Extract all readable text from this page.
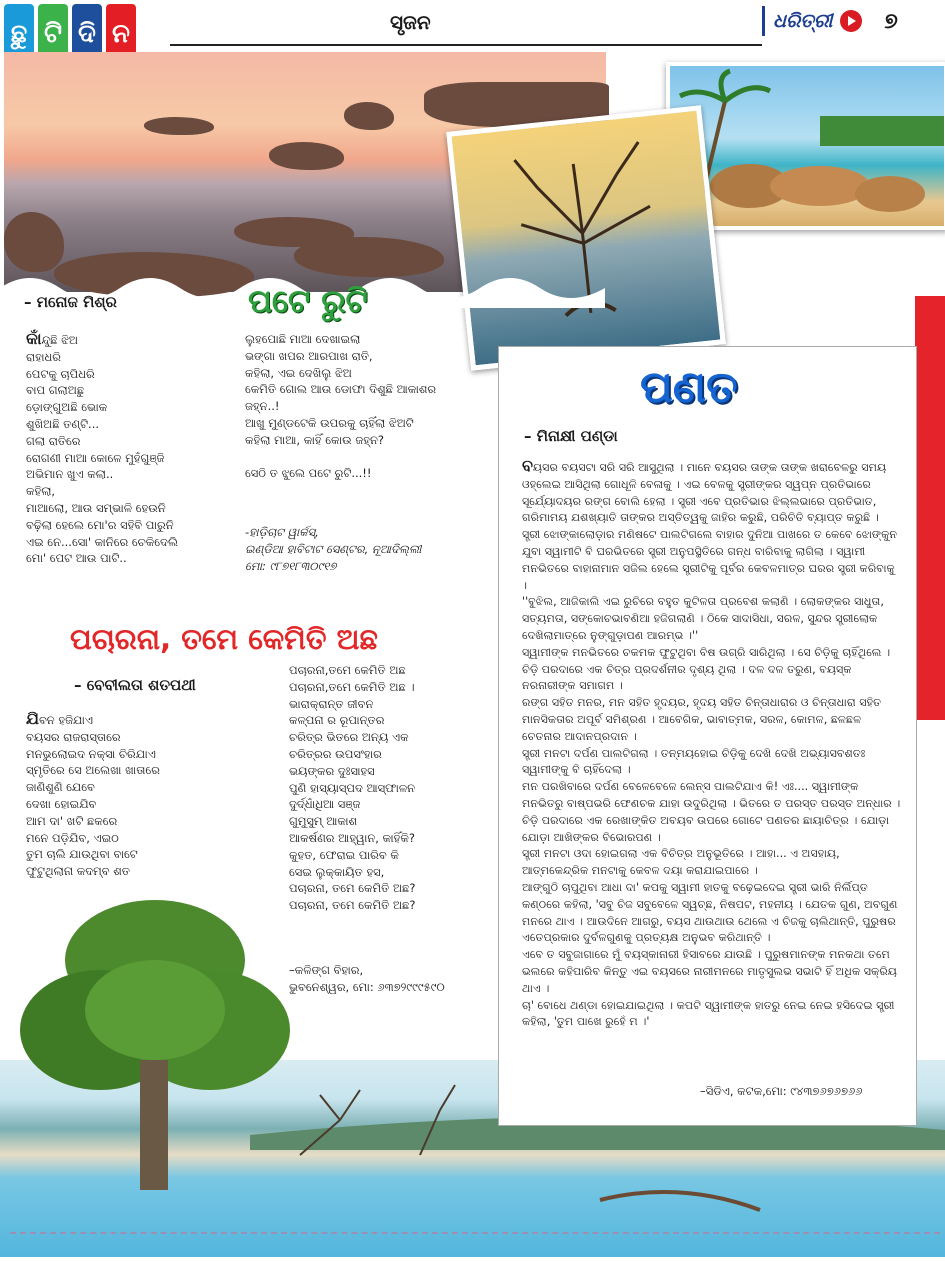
ଛୁ ଟି ଦି ନ	ସୃଜନ	ଧରିତ୍ରୀ ୭
– ମନୋଜ ମିଶ୍ର	ପଟେ ରୁଟି
କାଁନ୍ଦୁଛି ଝିଅ
ରାହାଧରି
ପେଟକୁ ଚାପିଧରି
ବାପ ଗଲାଅଛୁ
ଡ଼ୋଙ୍ଗୁଅଛି ଭୋକ
ଶୁଖିଅଛି ତଣ୍ଟି...
ଗଲା ରାତିରେ
ରୋଗଣୀ ମାଆ କୋଳେ ମୁହଁଗୁଞ୍ଜି
ଅଭିମାନ ଖୁଏ କଲା..
କହିଲା,
ମାଆଲୋ, ଆଉ ସମ୍ଭାଳି ହେଉନି
ବଢ଼ିଲା ହେଲେ ମୋ'ର ସହିବି ପାରୁନି
ଏଇ ନେ...ସୋ' କାନିରେ ଚେକିଦେଲି
ମୋ' ପେଟ ଆଉ ପାଟି..
ଲୁହପୋଛି ମାଆ ଦେଖାଇଲା
ଭଙ୍ଗା ଖପର ଆରପାଖ ରାତି,
କହିଲା, ଏଇ ଦେଖିଲୁ ଝିଅ
କେମିତି ଗୋଲ ଆଉ ଡୋଫା ଦିଶୁଛି ଆକାଶର
ଜହ୍ନ..!
ଆଖୁ ମୁଣ୍ଡଟେକି ଉପରକୁ ଚାହିଁଲା ଝିଅଟି
କହିଲା ମାଆ, କାହିଁ କୋଉ ଜହ୍ନ?

ସେଠି ତ ଝୁଲେ ପଟେ ରୁଟି...!!
-ହାଡ଼ିଚାଟ ୱାର୍କସ୍‌,
ଇଣ୍ଡିଆ ହାବିଟାଟ ସେଣ୍ଟର, ନୂଆଦିଲ୍ଲୀ
ମୋ: ୯୮୭୧୮୩୦୯୧୭
ପଚାରନା, ତମେ କେମିତି ଅଛ
– ବେବୀଲତା ଶତପଥୀ
ଯିବନ ହଜିଯାଏ
ବୟସର ରାଜରାସ୍ତାରେ
ମନଭୁଲୋଇଦ ନକ୍ସା ଚିରିଯାଏ
ସ୍ମୃତିରେ ସେ ଅଲେଖା ଖାତାରେ
ଜାଣିଶୁଣି ଯେବେ
ଦେଖା ହୋଇଯିବ
ଆମ ଦା' ଖଟି ଛକରେ
ମନେ ପଡ଼ିଯିବ, ଏଇଠ
ତୁମ ଚାଲି ଯାଉଥିବା ବାଟେ
ଫୁଟୁଥିଲାନା କଦମ୍ବ ଶତ
ପଚାରନା,ତମେ କେମିତି ଅଛ
ପଚାରନା,ତମେ କେମିତି ଅଛ ।
ଭାରାକ୍ରାନ୍ତ ଜୀବନ
କଳ୍ପନା ର ରୂପାନ୍ତର
ଚରିତ୍ର ଭିତରେ ଅନ୍ୟ ଏକ
ଚରିତ୍ରର ଉପସଂହାର
ଭୟଙ୍କର ଦୁଃସାହସ
ପୁଣି ହାସ୍ୟାସ୍ପଦ ଆସ୍ଫାଳନ
ଦୁର୍ଦ୍ଧାଁଧିଆ ସଞ୍ଜ
ଗୁମୁସୁମ୍ ଆକାଶ
ଆକର୍ଷଣର ଆହ୍ୱାନ, କାହିଁକି?
କୁହତ, ଫେରାଇ ପାରିବ କି
ସେଇ ଲୁକ୍କାୟିତ ହସ,
ପଚାରନା, ତମେ କେମିତି ଅଛ?
ପଚାରନା, ତମେ କେମିତି ଅଛ?
–କଳିଙ୍ଗ ବିହାର,
ଭୁବନେଶ୍ୱର, ମୋ: ୬୩୭୨୯୯୯୫୯୦
ପଣତ
– ମିନାକ୍ଷୀ ପଣ୍ଡା
ବୟସର ବୟସଟା ସରି ସରି ଆସୁଥିଲା । ମାନେ ବୟସର ତାଙ୍କ ତାଙ୍କ ଖରାବେଳରୁ ସମୟ ଓହ୍ଲେଇ ଆସିଥିଲା ଗୋଧୂଳି ବେଳାକୁ । ଏଇ ବେଳକୁ ସ୍ତ୍ରୀଙ୍କର ସ୍ୱପ୍ନ ପ୍ରତିଭାରେ ସୂର୍ଯ୍ୟୋଦୟର ରଙ୍ଗ ବୋଲି ହେଲା । ସ୍ତ୍ରୀ ଏବେ ପ୍ରତିଭାର ଝିଲ୍ଲଭାରେ ପ୍ରତିଭାତ, ଗରିମାମୟ ଯଶଖ୍ୟାତି ତାଙ୍କର ଅସ୍ତିତ୍ୱକୁ ଜାହିର କରୁଛି, ପରିଚିତି ବ୍ୟାପ୍ତ କରୁଛି ।
ସ୍ତ୍ରୀ ଝୋଙ୍କାଲୋଡ଼ାର ମଣିଷଟେ ପାଲଟିଗଲେ ବାହାର ଦୁନିଆ ପାଖରେ ତ କେବେ ଝୋଙ୍କୁନ ଯୁବା ସ୍ୱାମୀଟି ବି ଘରଭିତରେ ସ୍ତ୍ରୀ ଅନୁପସ୍ଥିତିରେ ଗନ୍ଧ ବାରିବାକୁ ଲାଗିଲା । ସ୍ୱାମୀ ମନଭିତରେ ବାହାନାମାନ ସଜିଲ ହେଲେ ସ୍ତ୍ରୀଟିକୁ ପୂର୍ବର କେବଳମାତ୍ର ଘରର ସ୍ତ୍ରୀ କରିବାକୁ ।
''ବୁଝିଲ, ଆଜିକାଲି ଏଇ ରୁଚିରେ ବହୁତ କୁଟିଳତା ପ୍ରବେଶ କଲାଣି । ଲୋକଙ୍କର ସାଧୁତା, ସତ୍ୟମତା, ସଙ୍କୋଚଭାବଣିଆ ହଜିଗଲାଣି । ଠିକେ ସାଦାସିଧା, ସରଳ, ସୁନ୍ଦର ସ୍ତ୍ରୀଲୋକ ଦେଖିଲାମାତ୍ରେ ନୁଙ୍ଗୁଡ଼ାପଣ ଆରମ୍ଭ ।''
ସ୍ୱାମୀଙ୍କ ମନଭିତରେ ଚକମକ ଫୁଟୁଥିବା ବିଷ ଉଗ୍ରି ସାରିଥିଲା । ସେ ଚିଡ଼ିକୁ ଚାହିଁଥିଲେ । ଚିଡ଼ି ପରଦାରେ ଏକ ଚିତ୍ର ପ୍ରଦର୍ଶନୀର ଦୃଶ୍ୟ ଥିଲା । ଦଳ ଦଳ ତରୁଣ, ବୟସ୍କ ନରନାରୀଙ୍କ ସମାଗମ ।
ରଙ୍ଗ ସହିତ ମନର, ମନ ସହିତ ହୃଦୟର, ହୃଦୟ ସହିତ ଚିନ୍ତାଧାରାର ଓ ଚିନ୍ତାଧାରା ସହିତ ମାନସିକତାର ଅପୂର୍ବ ସମିଶ୍ରଣ । ଆବେଗିକ, ଭାବାତ୍ମକ, ସରଳ, କୋମଳ, ଛଳଛଳ ଚେତନାର ଆଦାନପ୍ରଦାନ ।
ସ୍ତ୍ରୀ ମନଟା ଦର୍ପଣ ପାଲଟିଗଲା । ତନ୍ମୟହୋଇ ଚିଡ଼ିକୁ ଦେଖି ଦେଖି ଅଭ୍ୟାସବଶତଃ ସ୍ୱାମୀଙ୍କୁ ବି ଚାହିଁଦେଲା ।
ମନ ପରଖିବାରେ ଦର୍ପଣ ବେଳେବେଳେ ଲେନ୍ସ ପାଲଟିଯାଏ କି! ଏଃ.... ସ୍ୱାମୀଙ୍କ ମନଭିତରୁ ବାଷ୍ପଭରି ଫେଣଚକ ଯାହା ଉଦୁରିଥିଲା । ଭିତରେ ତ ପରସ୍ତ ପରସ୍ତ ଅନ୍ଧାର ।
ଚିଡ଼ି ପରଦାରେ ଏକ ରେଖାଙ୍କିତ ଅବୟବ ଉପରେ ଗୋଟେ ପଣତର ଛାୟାଚିତ୍ର । ଯୋଡ଼ା ଯୋଡ଼ା ଆଖିଙ୍କର ବିଭୋରପଣ ।
ସ୍ତ୍ରୀ ମନଟା ଓଦା ହୋଇଗଲା ଏକ ବିଚିତ୍ର ଅନୁଭୂତିରେ । ଆହା... ଏ ଅସହାୟ, ଆତ୍ମକେନ୍ଦ୍ରିକ ମନଟାକୁ କେବଳ ଦୟା କରାଯାଇପାରେ ।
ଆଙ୍ଗୁଠି ଚାପୁଥିବା ଆଧା ଦା' କପକୁ ସ୍ୱାମୀ ହାତକୁ ବଢ଼େଇଦେଇ ସ୍ତ୍ରୀ ଭାରି ନିର୍ଲିପ୍ତ କଣ୍ଠରେ କହିଲା, 'ସବୁ ଚିଜ ସବୁବେଳେ ସ୍ୱଚ୍ଛ, ନିଷପଟ, ମହନୀୟ । ଯେତକ ଗୁଣ, ଅବଗୁଣ ମନରେ ଥାଏ । ଆଉଦିନେ ଆଗରୁ, ବୟସ ଥାଉଥାଉ ଥେଲେ ଏ ଚିଜକୁ ଚାଲିଥାନ୍ତି, ପୁରୁଷର ଏତେପ୍ରକାର ଦୁର୍ବଳଗୁଣକୁ ପ୍ରତ୍ୟକ୍ଷ ଅନୁଭବ କରିଥାନ୍ତି ।
ଏବେ ତ ସବୁଜାଗାରେ ମୁଁ ବୟସ୍କାନାରୀ ହିସାବରେ ଯାଉଛି । ପୁରୁଷମାନଙ୍କ ମନକଥା ତମେ ଭଲରେ କହିପାରିବ କିନ୍ତୁ ଏଇ ବୟସରେ ନାରୀମନରେ ମାତୃସୁଲଭ ସଭାଟି ହିଁ ଅଧିକ ସକ୍ରିୟ ଥାଏ ।
ଚା' ବୋଧେ ଥଣ୍ଡା ହୋଇଯାଇଥିଲା । କପଟି ସ୍ୱାମୀଙ୍କ ହାତରୁ ନେଇ ନେଇ ହସିଦେଇ ସ୍ତ୍ରୀ କହିଲା, 'ତୁମ ପାଖେ ରୁହେଁ ମ ।'
–ସିଡିଏ, କଟକ,ମୋ: ୯୪୩୭୬୭୬୭୬୬
